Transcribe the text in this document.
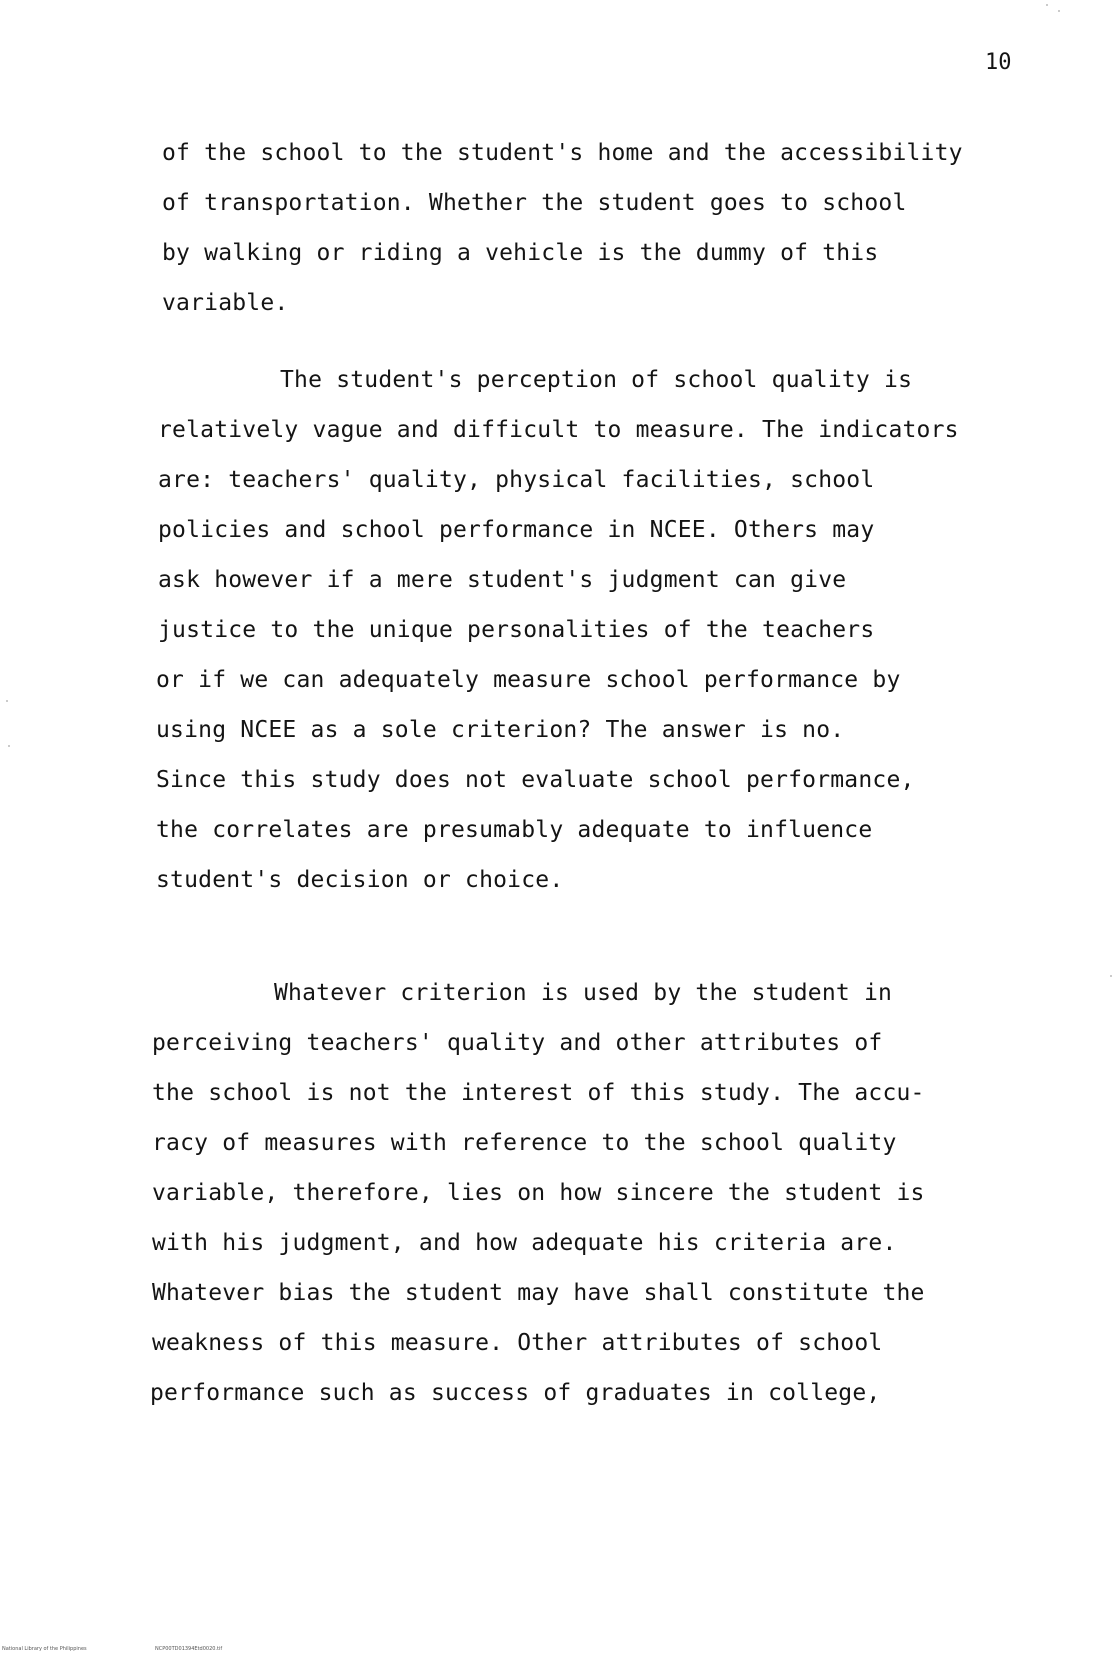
10
of the school to the student's home and the accessibility
of transportation. Whether the student goes to school
by walking or riding a vehicle is the dummy of this
variable.
The student's perception of school quality is
relatively vague and difficult to measure. The indicators
are: teachers' quality, physical facilities, school
policies and school performance in NCEE. Others may
ask however if a mere student's judgment can give
justice to the unique personalities of the teachers
or if we can adequately measure school performance by
using NCEE as a sole criterion? The answer is no.
Since this study does not evaluate school performance,
the correlates are presumably adequate to influence
student's decision or choice.
Whatever criterion is used by the student in
perceiving teachers' quality and other attributes of
the school is not the interest of this study. The accu-
racy of measures with reference to the school quality
variable, therefore, lies on how sincere the student is
with his judgment, and how adequate his criteria are.
Whatever bias the student may have shall constitute the
weakness of this measure. Other attributes of school
performance such as success of graduates in college,
National Library of the Philippines	NCP00TD01394Etd0020.tif
